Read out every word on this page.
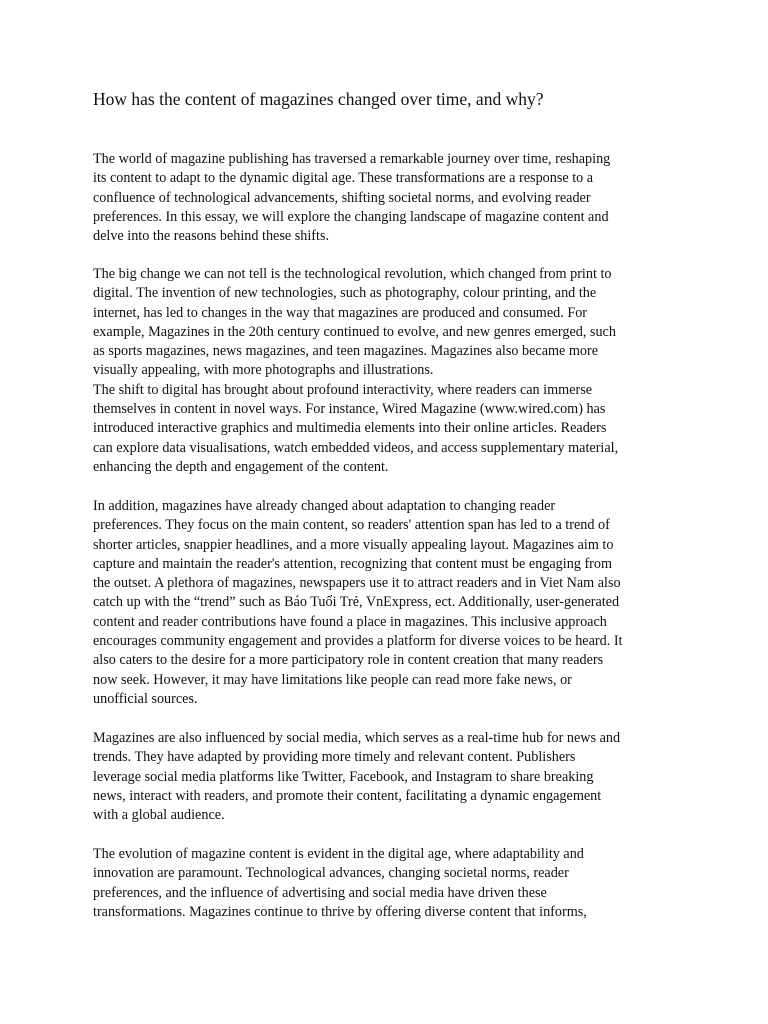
How has the content of magazines changed over time, and why?

The world of magazine publishing has traversed a remarkable journey over time, reshaping
its content to adapt to the dynamic digital age. These transformations are a response to a
confluence of technological advancements, shifting societal norms, and evolving reader
preferences. In this essay, we will explore the changing landscape of magazine content and
delve into the reasons behind these shifts.

The big change we can not tell is the technological revolution, which changed from print to
digital. The invention of new technologies, such as photography, colour printing, and the
internet, has led to changes in the way that magazines are produced and consumed. For
example, Magazines in the 20th century continued to evolve, and new genres emerged, such
as sports magazines, news magazines, and teen magazines. Magazines also became more
visually appealing, with more photographs and illustrations.
The shift to digital has brought about profound interactivity, where readers can immerse
themselves in content in novel ways. For instance, Wired Magazine (www.wired.com) has
introduced interactive graphics and multimedia elements into their online articles. Readers
can explore data visualisations, watch embedded videos, and access supplementary material,
enhancing the depth and engagement of the content.

In addition, magazines have already changed about adaptation to changing reader
preferences. They focus on the main content, so readers' attention span has led to a trend of
shorter articles, snappier headlines, and a more visually appealing layout. Magazines aim to
capture and maintain the reader's attention, recognizing that content must be engaging from
the outset. A plethora of magazines, newspapers use it to attract readers and in Viet Nam also
catch up with the “trend” such as Báo Tuổi Trẻ, VnExpress, ect. Additionally, user-generated
content and reader contributions have found a place in magazines. This inclusive approach
encourages community engagement and provides a platform for diverse voices to be heard. It
also caters to the desire for a more participatory role in content creation that many readers
now seek. However, it may have limitations like people can read more fake news, or
unofficial sources.

Magazines are also influenced by social media, which serves as a real-time hub for news and
trends. They have adapted by providing more timely and relevant content. Publishers
leverage social media platforms like Twitter, Facebook, and Instagram to share breaking
news, interact with readers, and promote their content, facilitating a dynamic engagement
with a global audience.

The evolution of magazine content is evident in the digital age, where adaptability and
innovation are paramount. Technological advances, changing societal norms, reader
preferences, and the influence of advertising and social media have driven these
transformations. Magazines continue to thrive by offering diverse content that informs,
